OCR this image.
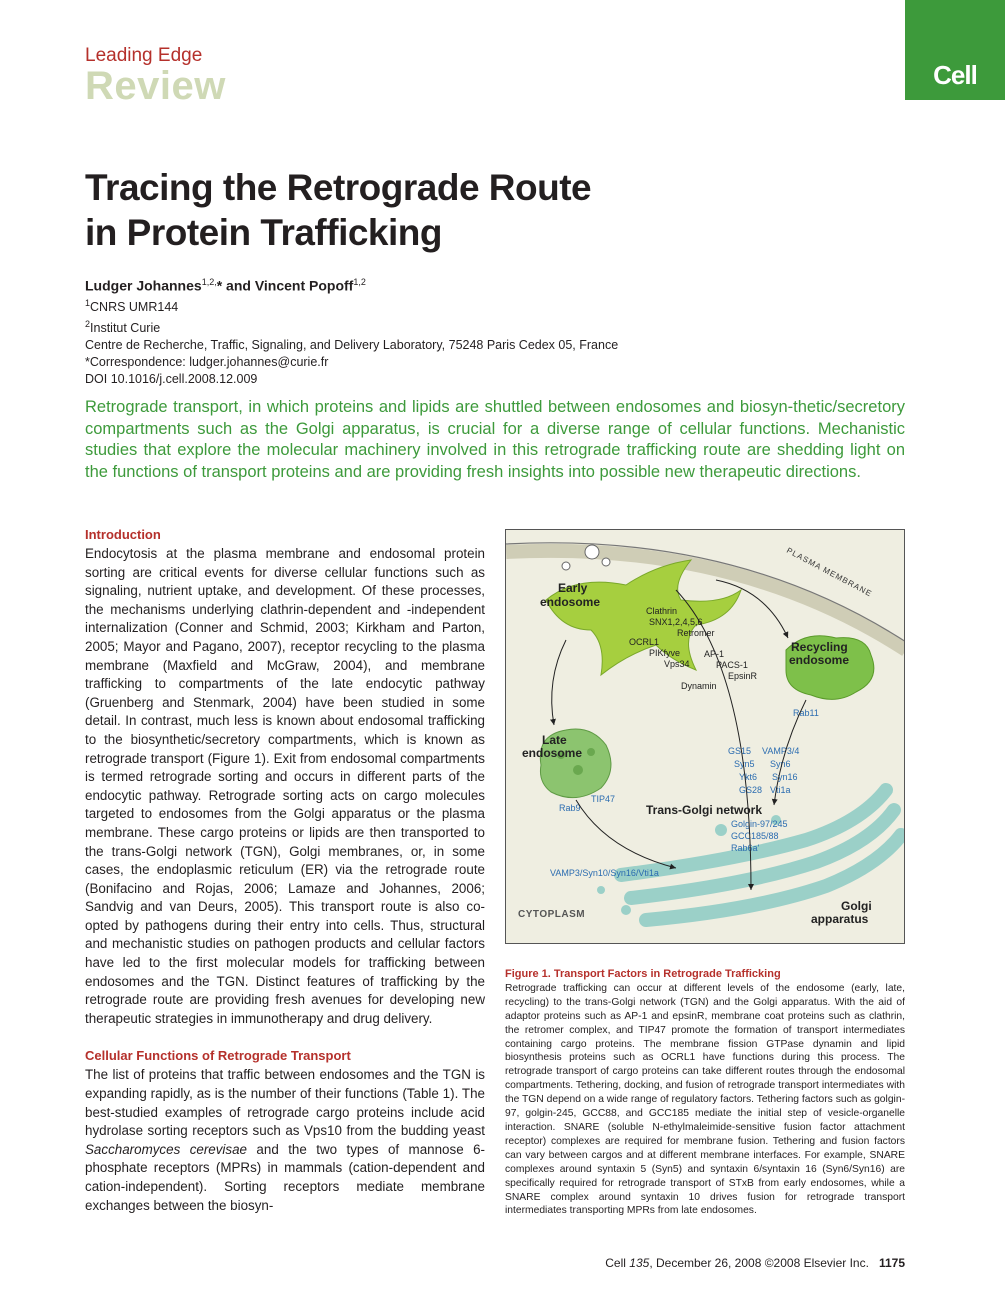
Leading Edge
Review	Cell
Tracing the Retrograde Route
in Protein Trafficking
Ludger Johannes$^{1,2,}$* and Vincent Popoff$^{1,2}$
$^1$CNRS UMR144
$^2$Institut Curie
Centre de Recherche, Traffic, Signaling, and Delivery Laboratory, 75248 Paris Cedex 05, France
*Correspondence: ludger.johannes@curie.fr
DOI 10.1016/j.cell.2008.12.009
Retrograde transport, in which proteins and lipids are shuttled between endosomes and biosyn-thetic/secretory compartments such as the Golgi apparatus, is crucial for a diverse range of cellular functions. Mechanistic studies that explore the molecular machinery involved in this retrograde trafficking route are shedding light on the functions of transport proteins and are providing fresh insights into possible new therapeutic directions.
Introduction
Endocytosis at the plasma membrane and endosomal protein sorting are critical events for diverse cellular functions such as signaling, nutrient uptake, and development. Of these processes, the mechanisms underlying clathrin-dependent and -independent internalization (Conner and Schmid, 2003; Kirkham and Parton, 2005; Mayor and Pagano, 2007), receptor recycling to the plasma membrane (Maxfield and McGraw, 2004), and membrane trafficking to compartments of the late endocytic pathway (Gruenberg and Stenmark, 2004) have been studied in some detail. In contrast, much less is known about endosomal trafficking to the biosynthetic/secretory compartments, which is known as retrograde transport (Figure 1). Exit from endosomal compartments is termed retrograde sorting and occurs in different parts of the endocytic pathway. Retrograde sorting acts on cargo molecules targeted to endosomes from the Golgi apparatus or the plasma membrane. These cargo proteins or lipids are then transported to the trans-Golgi network (TGN), Golgi membranes, or, in some cases, the endoplasmic reticulum (ER) via the retrograde route (Bonifacino and Rojas, 2006; Lamaze and Johannes, 2006; Sandvig and van Deurs, 2005). This transport route is also co-opted by pathogens during their entry into cells. Thus, structural and mechanistic studies on pathogen products and cellular factors have led to the first molecular models for trafficking between endosomes and the TGN. Distinct features of trafficking by the retrograde route are providing fresh avenues for developing new therapeutic strategies in immunotherapy and drug delivery.
Cellular Functions of Retrograde Transport
The list of proteins that traffic between endosomes and the TGN is expanding rapidly, as is the number of their functions (Table 1). The best-studied examples of retrograde cargo proteins include acid hydrolase sorting receptors such as Vps10 from the budding yeast Saccharomyces cerevisae and the two types of mannose 6-phosphate receptors (MPRs) in mammals (cation-dependent and cation-independent). Sorting receptors mediate membrane exchanges between the biosyn-
PLASMA MEMBRANE
Early
endosome
Clathrin
SNX1,2,4,5,6
Retromer
OCRL1
PIKfyve
Vps34
AP-1
PACS-1
EpsinR
Dynamin
Recycling
endosome
Rab11
Late
endosome
Rab9
TIP47
GS15 VAMP3/4
Syn5 Syn6
Ykt6 Syn16
GS28 Vti1a
Trans-Golgi network
Golgin-97/245
GCC185/88
Rab6a'
VAMP3/Syn10/Syn16/Vti1a
Golgi
apparatus
CYTOPLASM
Figure 1. Transport Factors in Retrograde Trafficking
Retrograde trafficking can occur at different levels of the endosome (early, late, recycling) to the trans-Golgi network (TGN) and the Golgi apparatus. With the aid of adaptor proteins such as AP-1 and epsinR, membrane coat proteins such as clathrin, the retromer complex, and TIP47 promote the formation of transport intermediates containing cargo proteins. The membrane fission GTPase dynamin and lipid biosynthesis proteins such as OCRL1 have functions during this process. The retrograde transport of cargo proteins can take different routes through the endosomal compartments. Tethering, docking, and fusion of retrograde transport intermediates with the TGN depend on a wide range of regulatory factors. Tethering factors such as golgin-97, golgin-245, GCC88, and GCC185 mediate the initial step of vesicle-organelle interaction. SNARE (soluble N-ethylmaleimide-sensitive fusion factor attachment receptor) complexes are required for membrane fusion. Tethering and fusion factors can vary between cargos and at different membrane interfaces. For example, SNARE complexes around syntaxin 5 (Syn5) and syntaxin 6/syntaxin 16 (Syn6/Syn16) are specifically required for retrograde transport of STxB from early endosomes, while a SNARE complex around syntaxin 10 drives fusion for retrograde transport intermediates transporting MPRs from late endosomes.
Cell 135, December 26, 2008 ©2008 Elsevier Inc. 1175
